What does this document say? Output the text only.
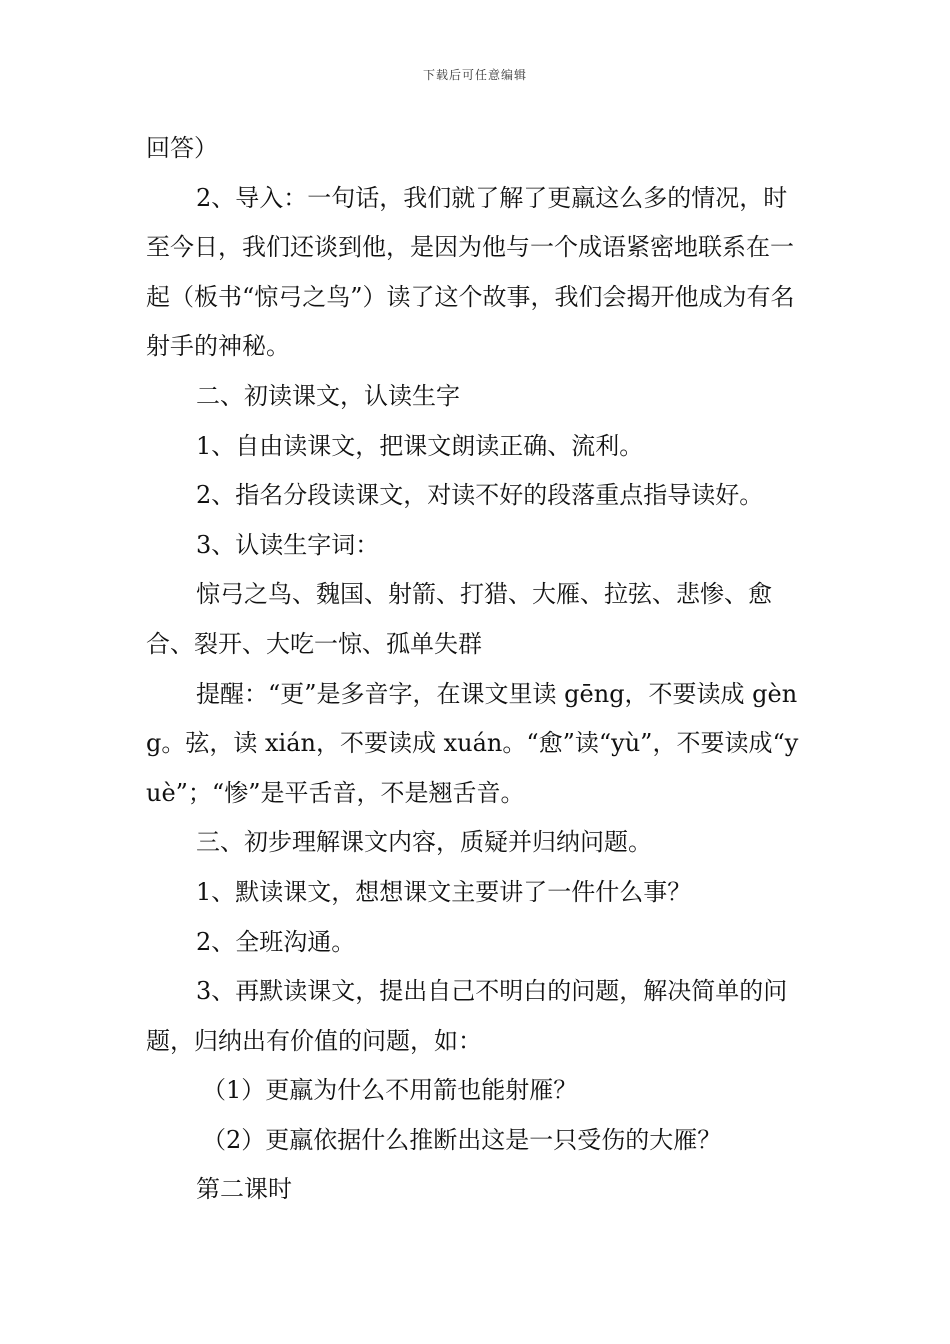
下载后可任意编辑

回答）

2、导入：一句话，我们就了解了更羸这么多的情况，时至今日，我们还谈到他，是因为他与一个成语紧密地联系在一起（板书“惊弓之鸟”）读了这个故事，我们会揭开他成为有名射手的神秘。

二、初读课文，认读生字

1、自由读课文，把课文朗读正确、流利。

2、指名分段读课文，对读不好的段落重点指导读好。

3、认读生字词：

惊弓之鸟、魏国、射箭、打猎、大雁、拉弦、悲惨、愈合、裂开、大吃一惊、孤单失群

提醒：“更”是多音字，在课文里读 gēng，不要读成 gèng。弦，读 xián，不要读成 xuán。“愈”读“yù”，不要读成“yuè”；“惨”是平舌音，不是翘舌音。

三、初步理解课文内容，质疑并归纳问题。

1、默读课文，想想课文主要讲了一件什么事？

2、全班沟通。

3、再默读课文，提出自己不明白的问题，解决简单的问题，归纳出有价值的问题，如：

（1）更羸为什么不用箭也能射雁？

（2）更羸依据什么推断出这是一只受伤的大雁？

第二课时
